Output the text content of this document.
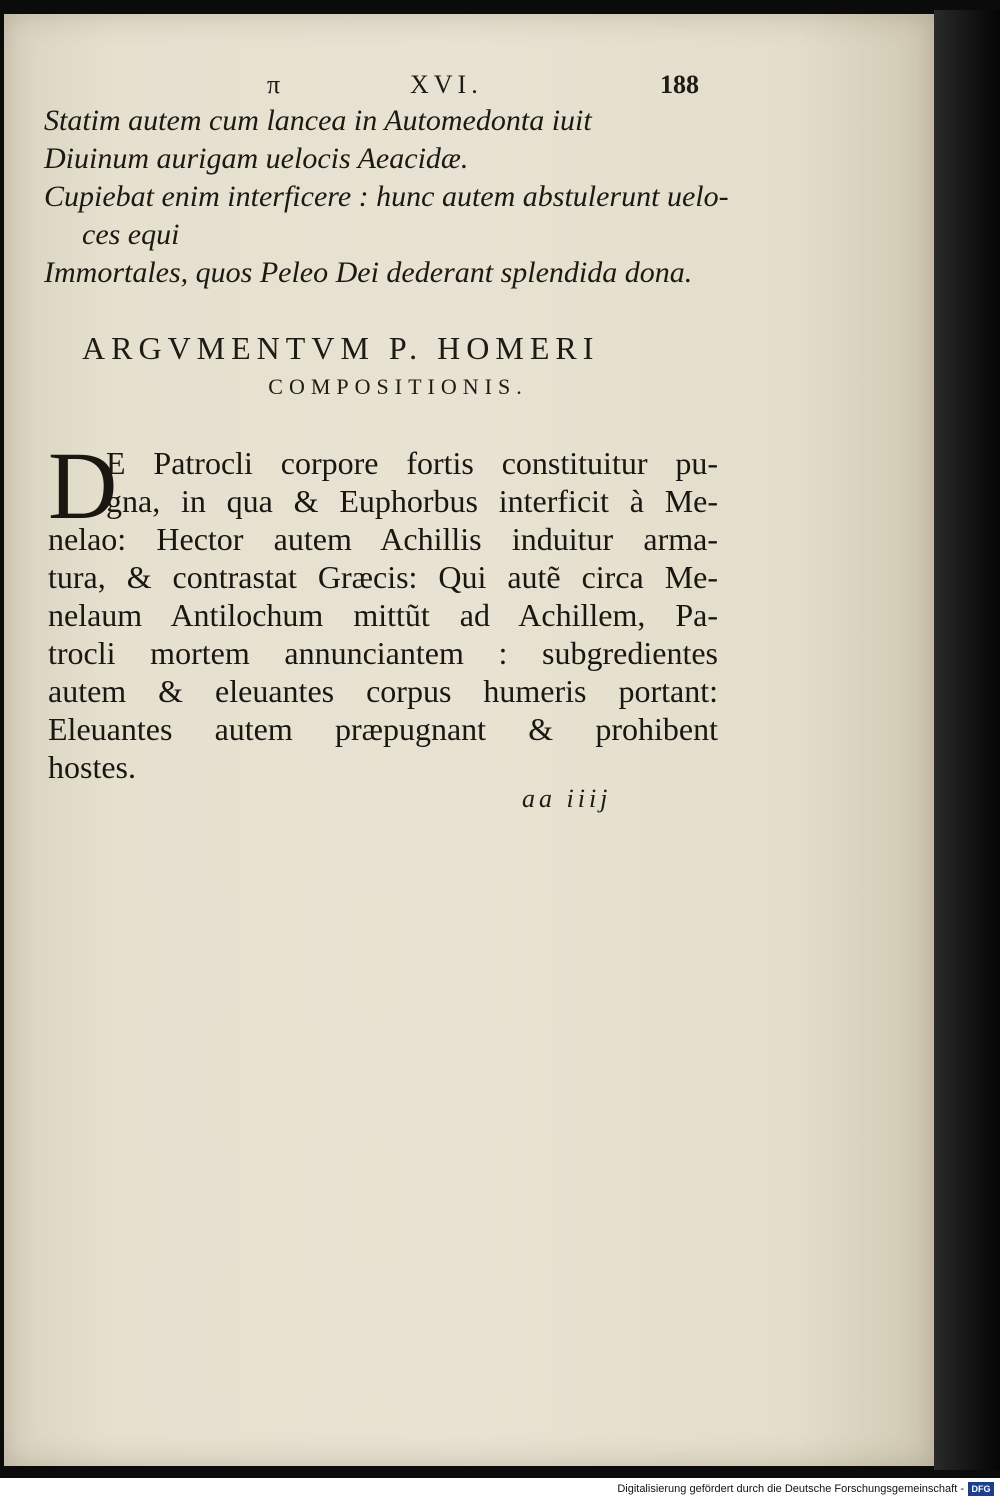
π	XVI.	188
Statim autem cum lancea in Automedonta iuit
Diuinum aurigam uelocis Aeacidæ.
Cupiebat enim interficere : hunc autem abstulerunt uelo-
ces equi
Immortales, quos Peleo Dei dederant splendida dona.
ARGVMENTVM P. HOMERI
COMPOSITIONIS.
D
E Patrocli corpore fortis constituitur pu-
gna, in qua & Euphorbus interficit à Me-
nelao: Hector autem Achillis induitur arma-
tura, & contrastat Græcis: Qui autẽ circa Me-
nelaum Antilochum mittũt ad Achillem, Pa-
trocli mortem annunciantem : subgredientes
autem & eleuantes corpus humeris portant:
Eleuantes autem præpugnant & prohibent
hostes.
aa iiij
Digitalisierung gefördert durch die Deutsche Forschungsgemeinschaft - DFG
